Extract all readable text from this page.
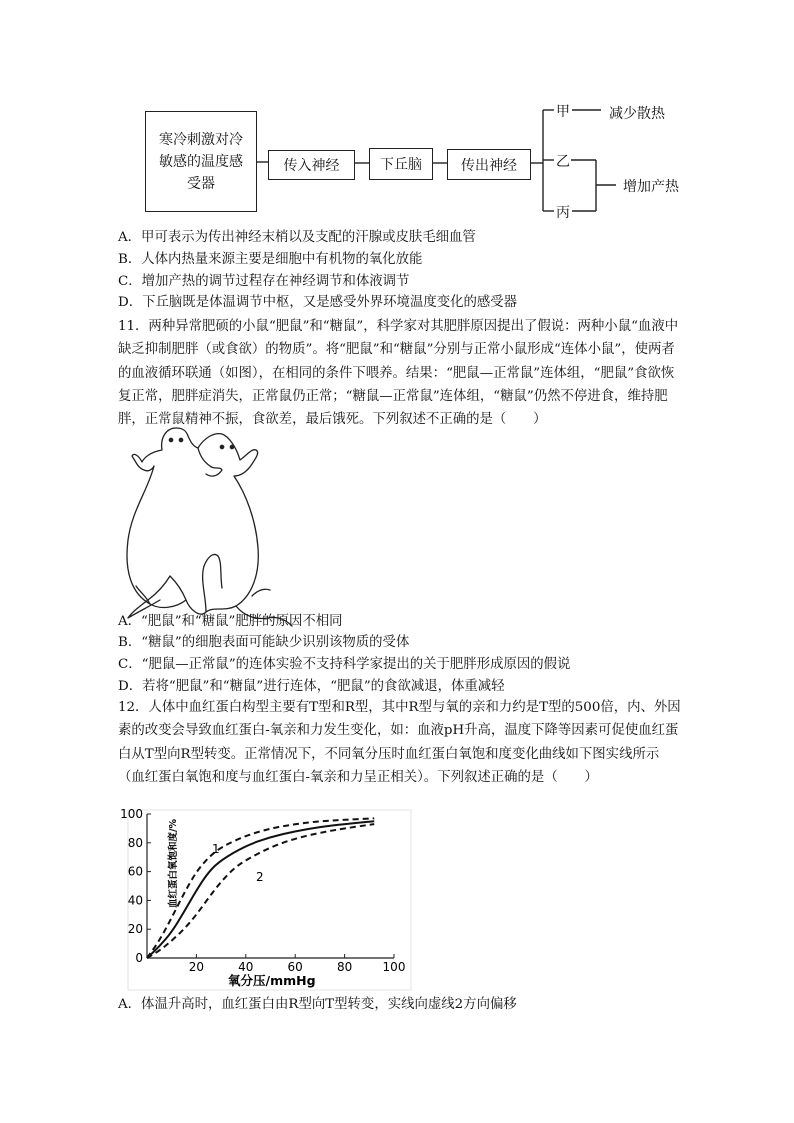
寒冷刺激对冷敏感的温度感受器
传入神经	下丘脑	传出神经
甲
乙
丙
减少散热
增加产热
A．甲可表示为传出神经末梢以及支配的汗腺或皮肤毛细血管
B．人体内热量来源主要是细胞中有机物的氧化放能
C．增加产热的调节过程存在神经调节和体液调节
D．下丘脑既是体温调节中枢，又是感受外界环境温度变化的感受器
11．两种异常肥硕的小鼠“肥鼠”和“糖鼠”，科学家对其肥胖原因提出了假说：两种小鼠“血液中缺乏抑制肥胖（或食欲）的物质”。将“肥鼠”和“糖鼠”分别与正常小鼠形成“连体小鼠”，使两者的血液循环联通（如图），在相同的条件下喂养。结果：“肥鼠—正常鼠”连体组，“肥鼠”食欲恢复正常，肥胖症消失，正常鼠仍正常；“糖鼠—正常鼠”连体组，“糖鼠”仍然不停进食，维持肥胖，正常鼠精神不振，食欲差，最后饿死。下列叙述不正确的是（　　）
A．“肥鼠”和“糖鼠”肥胖的原因不相同
B．“糖鼠”的细胞表面可能缺少识别该物质的受体
C．“肥鼠—正常鼠”的连体实验不支持科学家提出的关于肥胖形成原因的假说
D．若将“肥鼠”和“糖鼠”进行连体，“肥鼠”的食欲减退，体重减轻
12．人体中血红蛋白构型主要有T型和R型，其中R型与氧的亲和力约是T型的500倍，内、外因素的改变会导致血红蛋白-氧亲和力发生变化，如：血液pH升高，温度下降等因素可促使血红蛋白从T型向R型转变。正常情况下，不同氧分压时血红蛋白氧饱和度变化曲线如下图实线所示（血红蛋白氧饱和度与血红蛋白-氧亲和力呈正相关）。下列叙述正确的是（　　）
20	40	60	80	100
0
20
40
60
80
100
1
2
氧分压/mmHg
血红蛋白氧饱和度/%
A．体温升高时，血红蛋白由R型向T型转变，实线向虚线2方向偏移
